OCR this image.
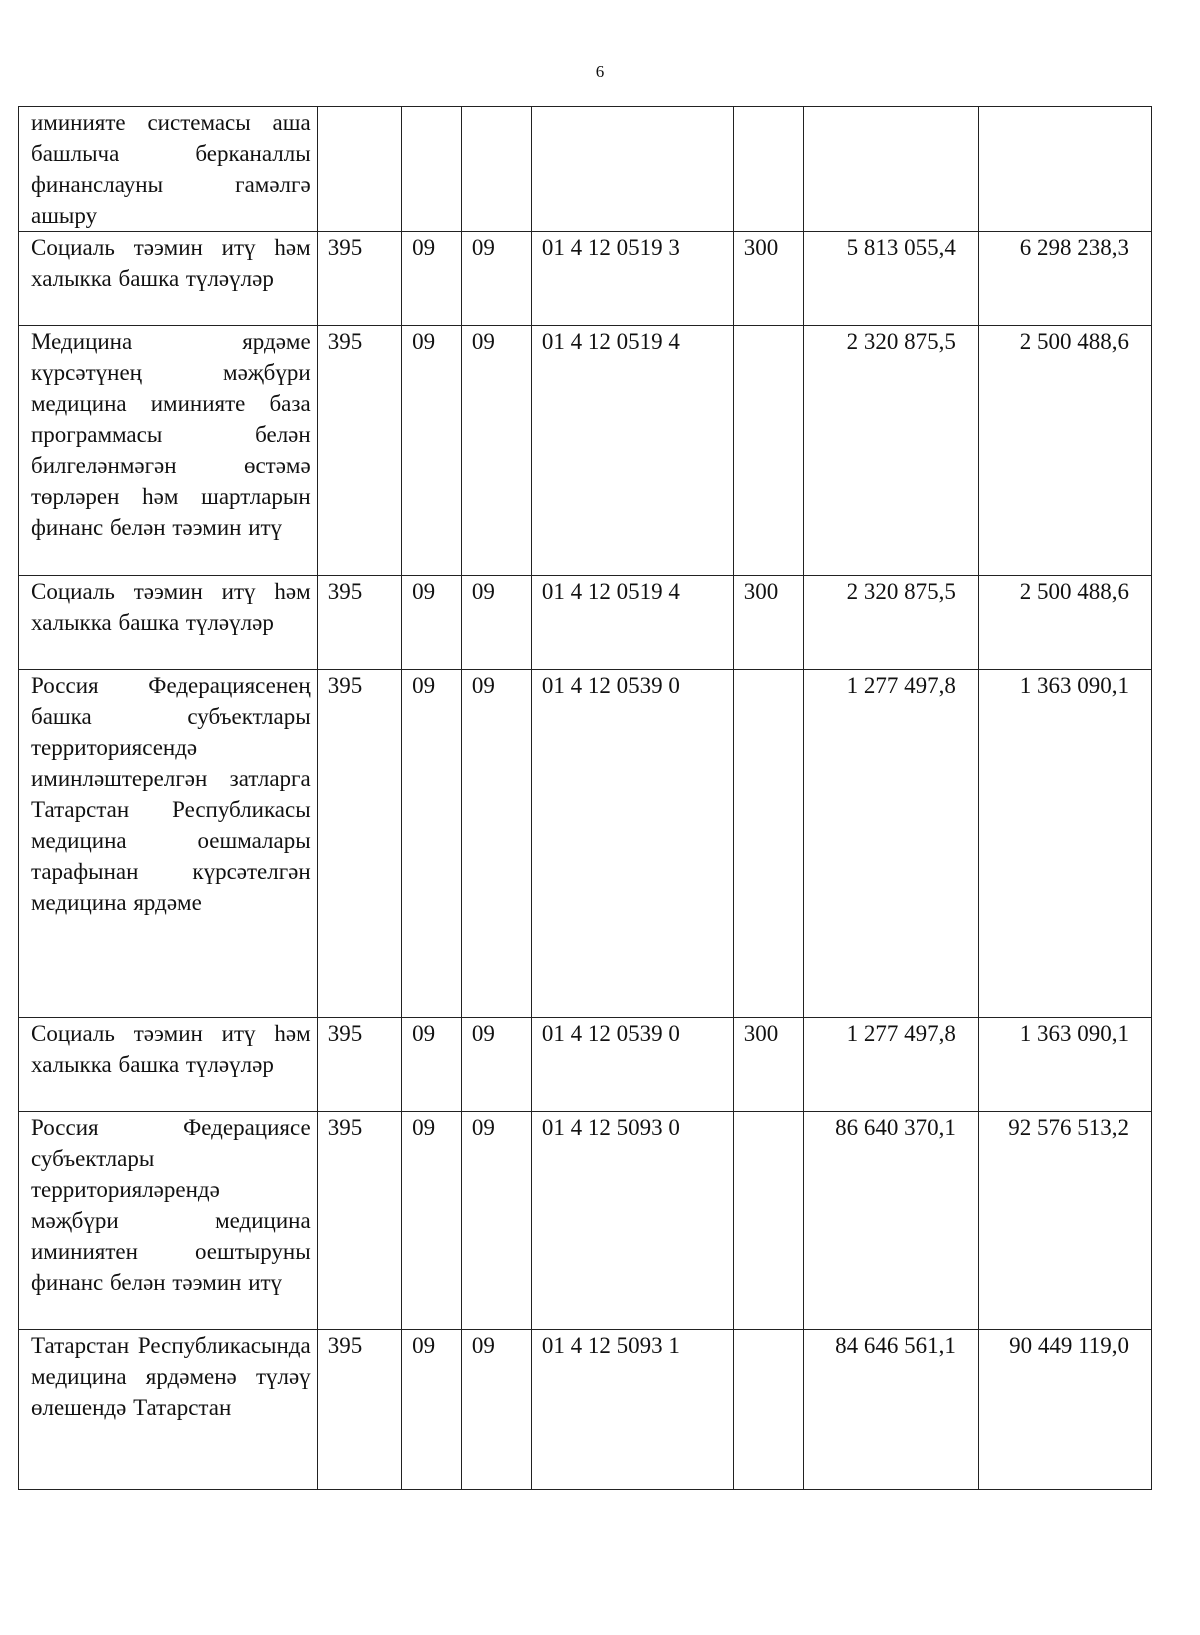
6
иминияте системасы аша башлыча берканаллы финанслауны гамәлгә ашыру							
Социаль тәэмин итү һәм халыкка башка түләүләр	395	09	09	01 4 12 0519 3	300	5 813 055,4	6 298 238,3
Медицина ярдәме күрсәтүнең мәҗбүри медицина иминияте база программасы белән билгеләнмәгән өстәмә төрләрен һәм шартларын финанс белән тәэмин итү	395	09	09	01 4 12 0519 4		2 320 875,5	2 500 488,6
Социаль тәэмин итү һәм халыкка башка түләүләр	395	09	09	01 4 12 0519 4	300	2 320 875,5	2 500 488,6
Россия Федерациясенең башка субъектлары территориясендә иминләштерелгән затларга Татарстан Республикасы медицина оешмалары тарафынан күрсәтелгән медицина ярдәме	395	09	09	01 4 12 0539 0		1 277 497,8	1 363 090,1
Социаль тәэмин итү һәм халыкка башка түләүләр	395	09	09	01 4 12 0539 0	300	1 277 497,8	1 363 090,1
Россия Федерациясе субъектлары территорияләрендә мәҗбүри медицина иминиятен оештыруны финанс белән тәэмин итү	395	09	09	01 4 12 5093 0		86 640 370,1	92 576 513,2
Татарстан Республикасында медицина ярдәменә түләү өлешендә Татарстан	395	09	09	01 4 12 5093 1		84 646 561,1	90 449 119,0
